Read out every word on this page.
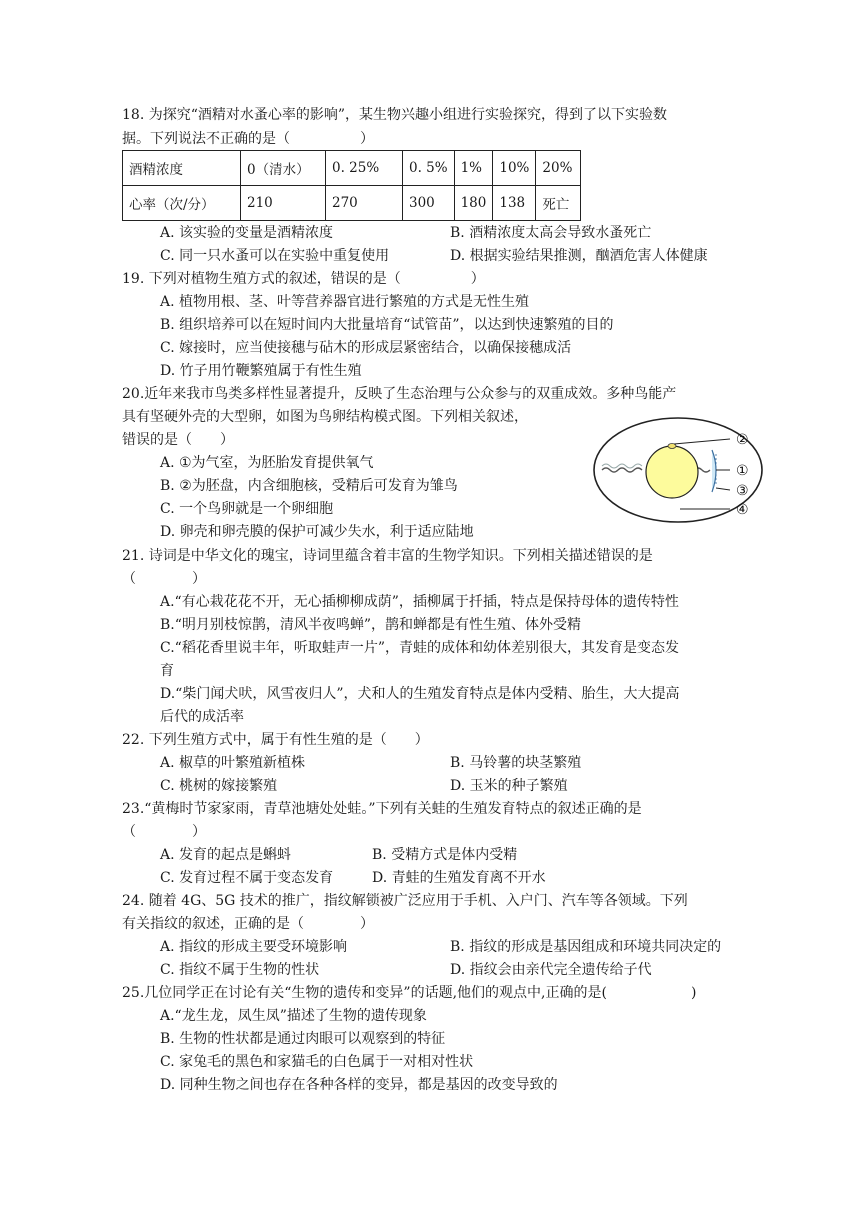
18. 为探究“酒精对水蚤心率的影响”，某生物兴趣小组进行实验探究，得到了以下实验数
据。下列说法不正确的是（　　　　　）
酒精浓度	0（清水）	0. 25%	0. 5%	1%	10%	20%
心率（次/分）	210	270	300	180	138	死亡
A. 该实验的变量是酒精浓度	B. 酒精浓度太高会导致水蚤死亡
C. 同一只水蚤可以在实验中重复使用	D. 根据实验结果推测，酗酒危害人体健康
19. 下列对植物生殖方式的叙述，错误的是（　　　　　）
A. 植物用根、茎、叶等营养器官进行繁殖的方式是无性生殖
B. 组织培养可以在短时间内大批量培育“试管苗”，以达到快速繁殖的目的
C. 嫁接时，应当使接穗与砧木的形成层紧密结合，以确保接穗成活
D. 竹子用竹鞭繁殖属于有性生殖
20.近年来我市鸟类多样性显著提升，反映了生态治理与公众参与的双重成效。多种鸟能产
具有坚硬外壳的大型卵，如图为鸟卵结构模式图。下列相关叙述，
错误的是（　　）
A. ①为气室，为胚胎发育提供氧气
B. ②为胚盘，内含细胞核，受精后可发育为雏鸟
C. 一个鸟卵就是一个卵细胞
D. 卵壳和卵壳膜的保护可减少失水，利于适应陆地
②
①
③
④
21. 诗词是中华文化的瑰宝，诗词里蕴含着丰富的生物学知识。下列相关描述错误的是
（　　　　）
A.“有心栽花花不开，无心插柳柳成荫”，插柳属于扦插，特点是保持母体的遗传特性
B.“明月别枝惊鹊，清风半夜鸣蝉”，鹊和蝉都是有性生殖、体外受精
C.“稻花香里说丰年，听取蛙声一片”，青蛙的成体和幼体差别很大，其发育是变态发
育
D.“柴门闻犬吠，风雪夜归人”，犬和人的生殖发育特点是体内受精、胎生，大大提高
后代的成活率
22. 下列生殖方式中，属于有性生殖的是（　　）
A. 椒草的叶繁殖新植株	B. 马铃薯的块茎繁殖
C. 桃树的嫁接繁殖	D. 玉米的种子繁殖
23.“黄梅时节家家雨，青草池塘处处蛙。”下列有关蛙的生殖发育特点的叙述正确的是
（　　　　）
A. 发育的起点是蝌蚪	B. 受精方式是体内受精
C. 发育过程不属于变态发育	D. 青蛙的生殖发育离不开水
24. 随着 4G、5G 技术的推广，指纹解锁被广泛应用于手机、入户门、汽车等各领域。下列
有关指纹的叙述，正确的是（　　　　）
A. 指纹的形成主要受环境影响	B. 指纹的形成是基因组成和环境共同决定的
C. 指纹不属于生物的性状	D. 指纹会由亲代完全遗传给子代
25.几位同学正在讨论有关“生物的遗传和变异”的话题,他们的观点中,正确的是(　　　　　　)
A.“龙生龙，凤生凤”描述了生物的遗传现象
B. 生物的性状都是通过肉眼可以观察到的特征
C. 家兔毛的黑色和家猫毛的白色属于一对相对性状
D. 同种生物之间也存在各种各样的变异，都是基因的改变导致的
